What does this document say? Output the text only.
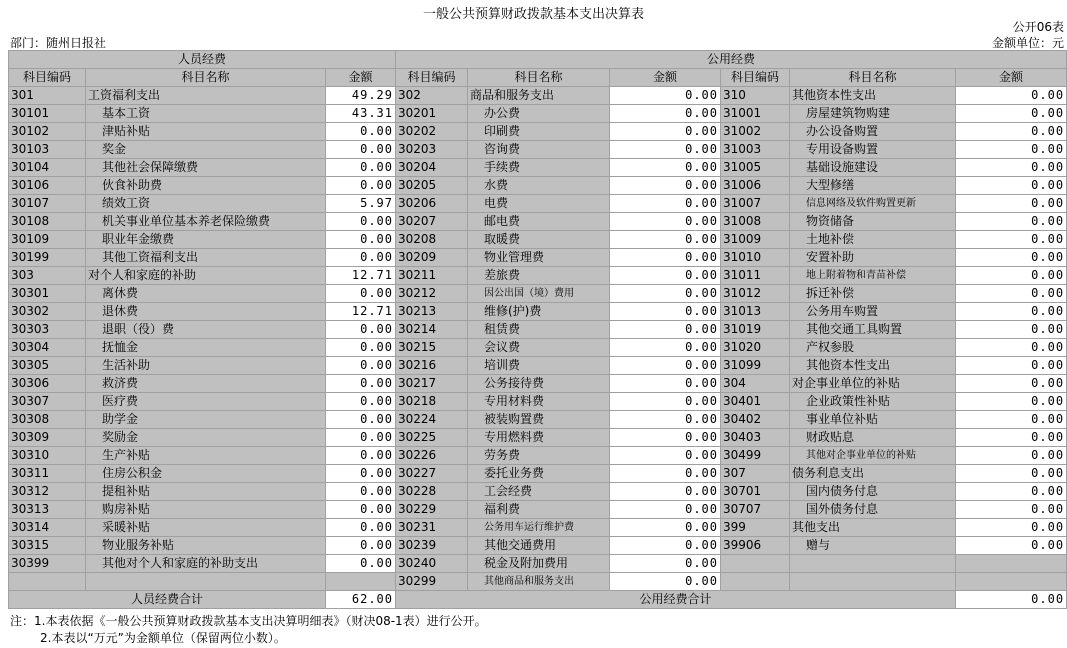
一般公共预算财政拨款基本支出决算表
公开06表
部门：随州日报社	金额单位：元
人员经费			公用经费					
科目编码	科目名称	金额	科目编码	科目名称	金额	科目编码	科目名称	金额
301	工资福利支出	49.29	302	商品和服务支出	0.00	310	其他资本性支出	0.00
30101	基本工资	43.31	30201	办公费	0.00	31001	房屋建筑物购建	0.00
30102	津贴补贴	0.00	30202	印刷费	0.00	31002	办公设备购置	0.00
30103	奖金	0.00	30203	咨询费	0.00	31003	专用设备购置	0.00
30104	其他社会保障缴费	0.00	30204	手续费	0.00	31005	基础设施建设	0.00
30106	伙食补助费	0.00	30205	水费	0.00	31006	大型修缮	0.00
30107	绩效工资	5.97	30206	电费	0.00	31007	信息网络及软件购置更新	0.00
30108	机关事业单位基本养老保险缴费	0.00	30207	邮电费	0.00	31008	物资储备	0.00
30109	职业年金缴费	0.00	30208	取暖费	0.00	31009	土地补偿	0.00
30199	其他工资福利支出	0.00	30209	物业管理费	0.00	31010	安置补助	0.00
303	对个人和家庭的补助	12.71	30211	差旅费	0.00	31011	地上附着物和青苗补偿	0.00
30301	离休费	0.00	30212	因公出国（境）费用	0.00	31012	拆迁补偿	0.00
30302	退休费	12.71	30213	维修(护)费	0.00	31013	公务用车购置	0.00
30303	退职（役）费	0.00	30214	租赁费	0.00	31019	其他交通工具购置	0.00
30304	抚恤金	0.00	30215	会议费	0.00	31020	产权参股	0.00
30305	生活补助	0.00	30216	培训费	0.00	31099	其他资本性支出	0.00
30306	救济费	0.00	30217	公务接待费	0.00	304	对企事业单位的补贴	0.00
30307	医疗费	0.00	30218	专用材料费	0.00	30401	企业政策性补贴	0.00
30308	助学金	0.00	30224	被装购置费	0.00	30402	事业单位补贴	0.00
30309	奖励金	0.00	30225	专用燃料费	0.00	30403	财政贴息	0.00
30310	生产补贴	0.00	30226	劳务费	0.00	30499	其他对企事业单位的补贴	0.00
30311	住房公积金	0.00	30227	委托业务费	0.00	307	债务利息支出	0.00
30312	提租补贴	0.00	30228	工会经费	0.00	30701	国内债务付息	0.00
30313	购房补贴	0.00	30229	福利费	0.00	30707	国外债务付息	0.00
30314	采暖补贴	0.00	30231	公务用车运行维护费	0.00	399	其他支出	0.00
30315	物业服务补贴	0.00	30239	其他交通费用	0.00	39906	赠与	0.00
30399	其他对个人和家庭的补助支出	0.00	30240	税金及附加费用	0.00			
			30299	其他商品和服务支出	0.00			
人员经费合计		62.00	公用经费合计					0.00
注：1.本表依据《一般公共预算财政拨款基本支出决算明细表》（财决08-1表）进行公开。
2.本表以“万元”为金额单位（保留两位小数）。
